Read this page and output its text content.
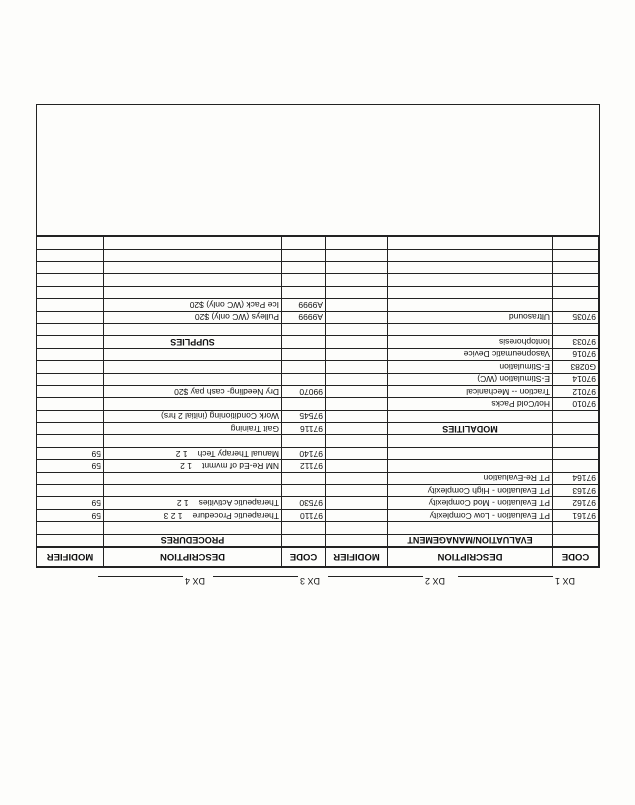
DX 1
DX 2
DX 3
DX 4
CODE	DESCRIPTION	MODIFIER	CODE	DESCRIPTION	MODIFIER
	EVALUATION/MANAGEMENT			PROCEDURES	

97161	PT Evaluation - Low Complexity		97110	Therapeutic Procedure1 2 3	59
97162	PT Evaluation - Mod Complexity		97530	Therapeutic Activities1 2	59
97163	PT Evaluation - High Complexity				
97164	PT Re-Evaluation				
			97112	NM Re-Ed of mvmnt1 2	59
			97140	Manual Therapy Tech1 2	59

	MODALITIES		97116	Gait Training	
			97545	Work Conditioning (initial 2 hrs)	
97010	Hot/Cold Packs				
97012	Traction -- Mechanical		99070	Dry Needling- cash pay $20	
97014	E-Stimulation (WC)				
G0283	E-Stimulation				
97016	Vasopneumatic Device				
97033	Iontophoresis			SUPPLIES	

97035	Ultrasound		A9999	Pulleys (WC only) $20	
			A9999	Ice Pack (WC only) $20	
